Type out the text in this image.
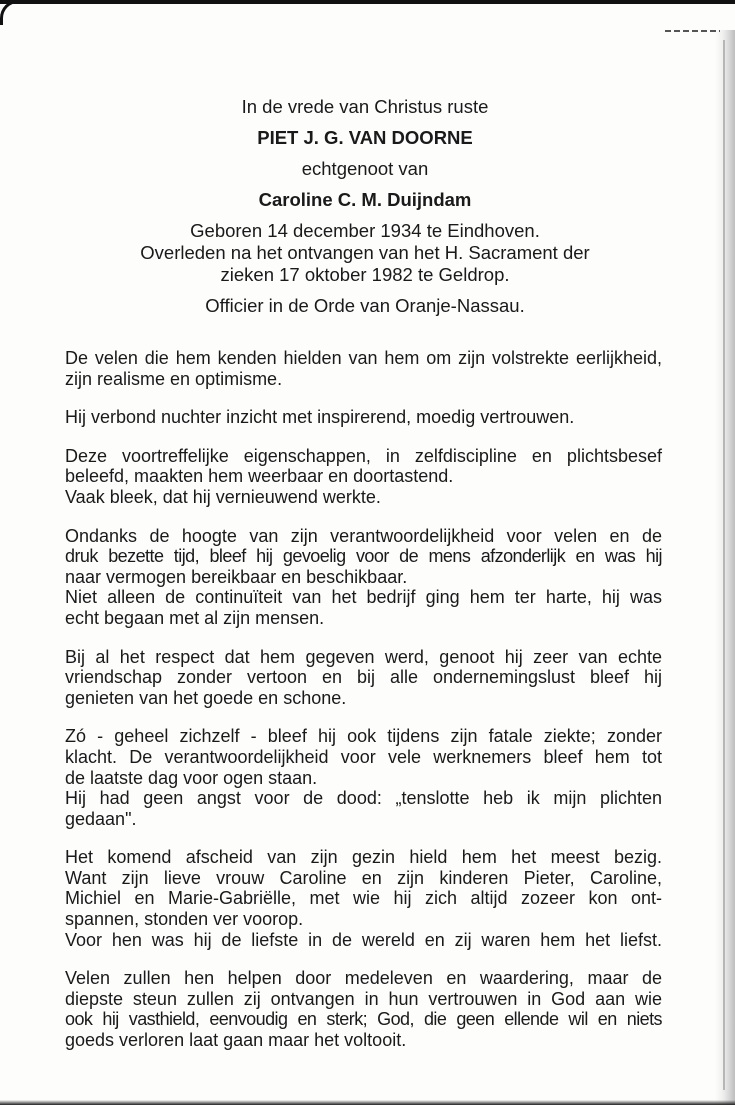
In de vrede van Christus ruste
PIET J. G. VAN DOORNE
echtgenoot van
Caroline C. M. Duijndam
Geboren 14 december 1934 te Eindhoven.
Overleden na het ontvangen van het H. Sacrament der
zieken 17 oktober 1982 te Geldrop.
Officier in de Orde van Oranje-Nassau.

De velen die hem kenden hielden van hem om zijn volstrekte eerlijkheid,
zijn realisme en optimisme.

Hij verbond nuchter inzicht met inspirerend, moedig vertrouwen.

Deze voortreffelijke eigenschappen, in zelfdiscipline en plichtsbesef
beleefd, maakten hem weerbaar en doortastend.
Vaak bleek, dat hij vernieuwend werkte.

Ondanks de hoogte van zijn verantwoordelijkheid voor velen en de
druk bezette tijd, bleef hij gevoelig voor de mens afzonderlijk en was hij
naar vermogen bereikbaar en beschikbaar.
Niet alleen de continuïteit van het bedrijf ging hem ter harte, hij was
echt begaan met al zijn mensen.

Bij al het respect dat hem gegeven werd, genoot hij zeer van echte
vriendschap zonder vertoon en bij alle ondernemingslust bleef hij
genieten van het goede en schone.

Zó - geheel zichzelf - bleef hij ook tijdens zijn fatale ziekte; zonder
klacht. De verantwoordelijkheid voor vele werknemers bleef hem tot
de laatste dag voor ogen staan.
Hij had geen angst voor de dood: „tenslotte heb ik mijn plichten
gedaan".

Het komend afscheid van zijn gezin hield hem het meest bezig.
Want zijn lieve vrouw Caroline en zijn kinderen Pieter, Caroline,
Michiel en Marie-Gabriëlle, met wie hij zich altijd zozeer kon ont-
spannen, stonden ver voorop.
Voor hen was hij de liefste in de wereld en zij waren hem het liefst.

Velen zullen hen helpen door medeleven en waardering, maar de
diepste steun zullen zij ontvangen in hun vertrouwen in God aan wie
ook hij vasthield, eenvoudig en sterk; God, die geen ellende wil en niets
goeds verloren laat gaan maar het voltooit.
